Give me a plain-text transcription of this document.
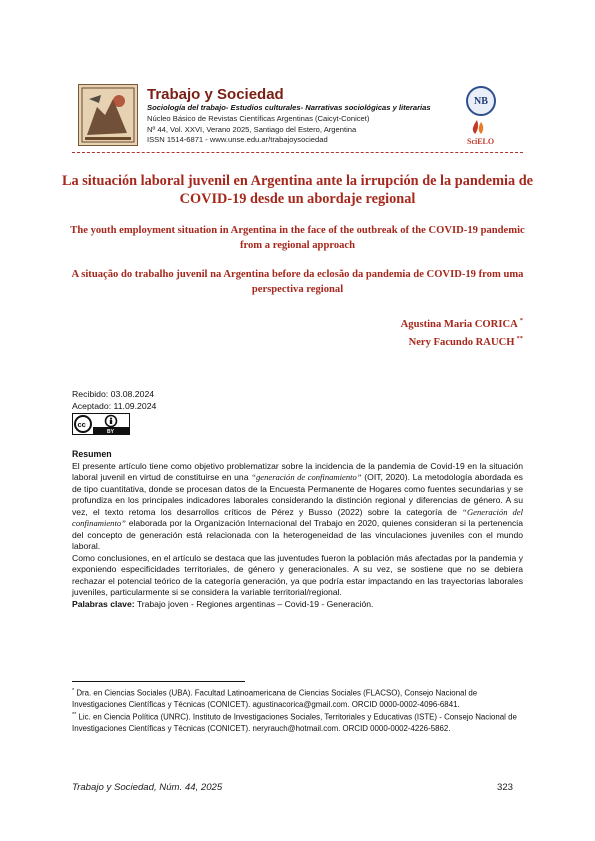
Trabajo y Sociedad
Sociología del trabajo- Estudios culturales- Narrativas sociológicas y literarias
Núcleo Básico de Revistas Científicas Argentinas (Caicyt-Conicet)
Nº 44, Vol. XXVI, Verano 2025, Santiago del Estero, Argentina
ISSN 1514-6871 - www.unse.edu.ar/trabajoysociedad
NB
SciELO
La situación laboral juvenil en Argentina ante la irrupción de la pandemia de COVID-19 desde un abordaje regional
The youth employment situation in Argentina in the face of the outbreak of the COVID-19 pandemic from a regional approach
A situação do trabalho juvenil na Argentina before da eclosão da pandemia de COVID-19 from uma perspectiva regional
Agustina Maria CORICA *
Nery Facundo RAUCH **
Recibido: 03.08.2024
Aceptado: 11.09.2024
cc
BY

Resumen

El presente artículo tiene como objetivo problematizar sobre la incidencia de la pandemia de Covid-19 en la situación laboral juvenil en virtud de constituirse en una “generación de confinamiento” (OIT, 2020). La metodología abordada es de tipo cuantitativa, donde se procesan datos de la Encuesta Permanente de Hogares como fuentes secundarias y se profundiza en los principales indicadores laborales considerando la distinción regional y diferencias de género. A su vez, el texto retoma los desarrollos críticos de Pérez y Busso (2022) sobre la categoría de “Generación del confinamiento” elaborada por la Organización Internacional del Trabajo en 2020, quienes consideran si la pertenencia del concepto de generación está relacionada con la heterogeneidad de las vinculaciones juveniles con el mundo laboral.

Como conclusiones, en el artículo se destaca que las juventudes fueron la población más afectadas por la pandemia y exponiendo especificidades territoriales, de género y generacionales. A su vez, se sostiene que no se debiera rechazar el potencial teórico de la categoría generación, ya que podría estar impactando en las trayectorias laborales juveniles, particularmente si se considera la variable territorial/regional.

Palabras clave: Trabajo joven - Regiones argentinas – Covid-19 - Generación.

* Dra. en Ciencias Sociales (UBA). Facultad Latinoamericana de Ciencias Sociales (FLACSO), Consejo Nacional de Investigaciones Científicas y Técnicas (CONICET). agustinacorica@gmail.com. ORCID 0000-0002-4096-6841.

** Lic. en Ciencia Política (UNRC). Instituto de Investigaciones Sociales, Territoriales y Educativas (ISTE) - Consejo Nacional de Investigaciones Científicas y Técnicas (CONICET). neryrauch@hotmail.com. ORCID 0000-0002-4226-5862.

Trabajo y Sociedad, Núm. 44, 2025	323
